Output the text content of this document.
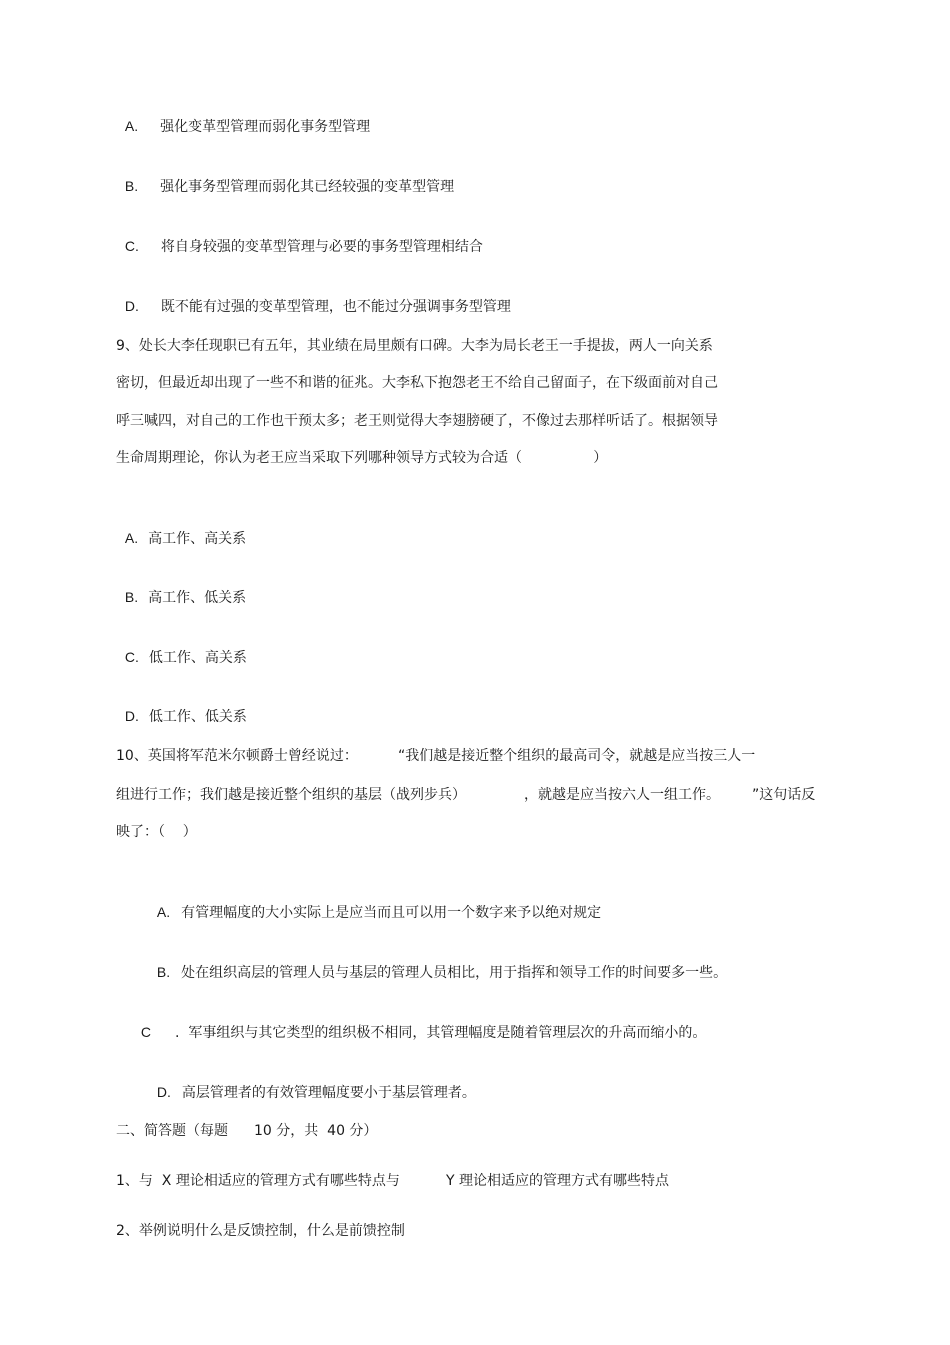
A. 强化变革型管理而弱化事务型管理

B. 强化事务型管理而弱化其已经较强的变革型管理

C. 将自身较强的变革型管理与必要的事务型管理相结合

D. 既不能有过强的变革型管理，也不能过分强调事务型管理

9、处长大李任现职已有五年，其业绩在局里颇有口碑。大李为局长老王一手提拔，两人一向关系
密切，但最近却出现了一些不和谐的征兆。大李私下抱怨老王不给自己留面子，在下级面前对自己
呼三喊四，对自己的工作也干预太多；老王则觉得大李翅膀硬了，不像过去那样听话了。根据领导
生命周期理论，你认为老王应当采取下列哪种领导方式较为合适（                ）

A. 高工作、高关系

B. 高工作、低关系

C. 低工作、高关系

D. 低工作、低关系

10、英国将军范米尔顿爵士曾经说过：	“我们越是接近整个组织的最高司令，就越是应当按三人一
组进行工作；我们越是接近整个组织的基层（战列步兵）	，就越是应当按六人一组工作。 ”这句话反
映了：（    ）

A. 有管理幅度的大小实际上是应当而且可以用一个数字来予以绝对规定

B. 处在组织高层的管理人员与基层的管理人员相比，用于指挥和领导工作的时间要多一些。

C .  军事组织与其它类型的组织极不相同，其管理幅度是随着管理层次的升高而缩小的。

D. 高层管理者的有效管理幅度要小于基层管理者。

二、简答题（每题 10 分，共  40 分）
1、与  X 理论相适应的管理方式有哪些特点与	Y 理论相适应的管理方式有哪些特点
2、举例说明什么是反馈控制，什么是前馈控制
